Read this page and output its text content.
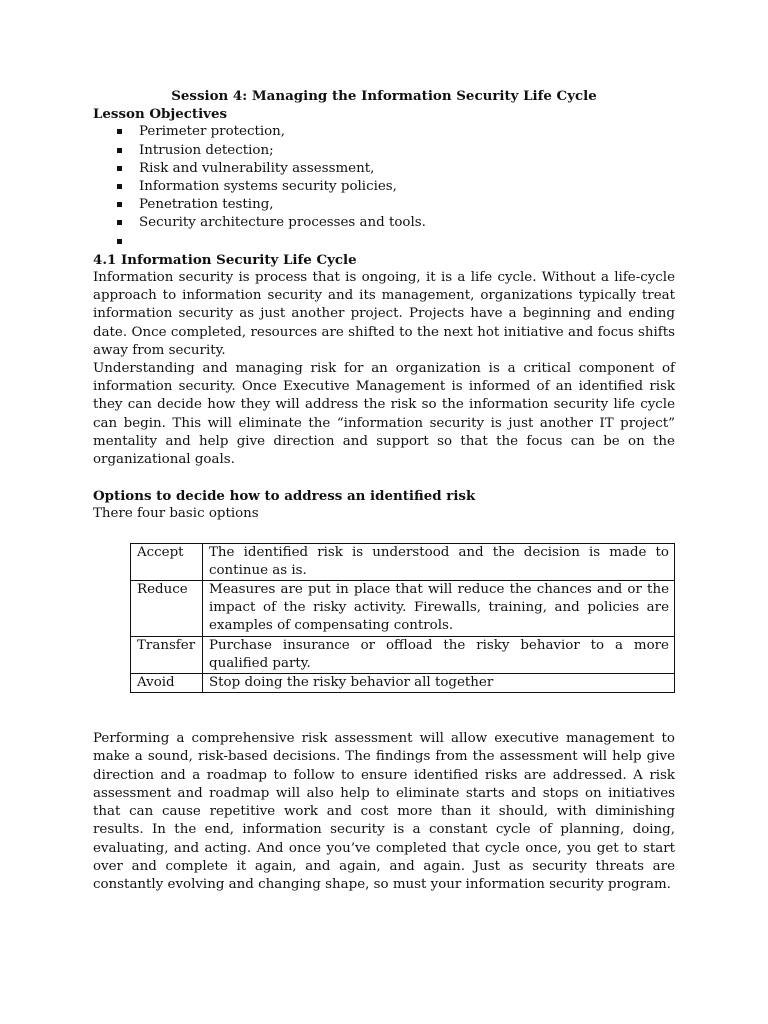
Session 4: Managing the Information Security Life Cycle

Lesson Objectives

Perimeter protection,
Intrusion detection;
Risk and vulnerability assessment,
Information systems security policies,
Penetration testing,
Security architecture processes and tools.

4.1 Information Security Life Cycle

Information security is process that is ongoing, it is a life cycle. Without a life-cycle approach to information security and its management, organizations typically treat information security as just another project. Projects have a beginning and ending date. Once completed, resources are shifted to the next hot initiative and focus shifts away from security.

Understanding and managing risk for an organization is a critical component of information security. Once Executive Management is informed of an identified risk they can decide how they will address the risk so the information security life cycle can begin. This will eliminate the “information security is just another IT project” mentality and help give direction and support so that the focus can be on the organizational goals.

Options to decide how to address an identified risk

There four basic options

Accept	The identified risk is understood and the decision is made to continue as is.
Reduce	Measures are put in place that will reduce the chances and or the impact of the risky activity. Firewalls, training, and policies are examples of compensating controls.
Transfer	Purchase insurance or offload the risky behavior to a more qualified party.
Avoid	Stop doing the risky behavior all together

Performing a comprehensive risk assessment will allow executive management to make a sound, risk-based decisions. The findings from the assessment will help give direction and a roadmap to follow to ensure identified risks are addressed. A risk assessment and roadmap will also help to eliminate starts and stops on initiatives that can cause repetitive work and cost more than it should, with diminishing results. In the end, information security is a constant cycle of planning, doing, evaluating, and acting. And once you’ve completed that cycle once, you get to start over and complete it again, and again, and again. Just as security threats are constantly evolving and changing shape, so must your information security program.
